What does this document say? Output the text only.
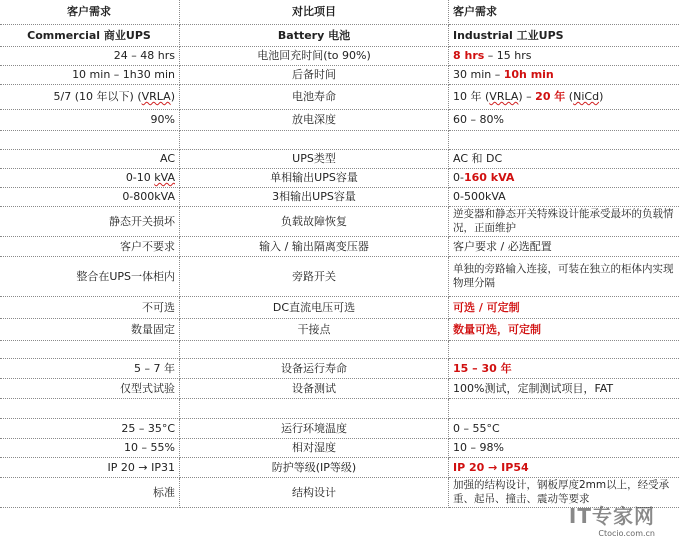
客户需求	对比项目	客户需求
Commercial 商业UPS	Battery 电池	Industrial 工业UPS
24 – 48 hrs	电池回充时间(to 90%)	8 hrs – 15 hrs
10 min – 1h30 min	后备时间	30 min – 10h min
5/7 (10 年以下) (VRLA)	电池寿命	10 年 (VRLA) – 20 年 (NiCd)
90%	放电深度	60 – 80%

AC	UPS类型	AC 和 DC
0-10 kVA	单相输出UPS容量	0-160 kVA
0-800kVA	3相输出UPS容量	0-500kVA
静态开关损坏	负载故障恢复	逆变器和静态开关特殊设计能承受最坏的负载情况，正面维护
客户不要求	输入 / 输出隔离变压器	客户要求 / 必选配置
整合在UPS一体柜内	旁路开关	单独的旁路输入连接，可装在独立的柜体内实现物理分隔
不可选	DC直流电压可选	可选 / 可定制
数量固定	干接点	数量可选，可定制

5 – 7 年	设备运行寿命	15 – 30 年
仅型式试验	设备测试	100%测试，定制测试项目，FAT

25 – 35°C	运行环境温度	0 – 55°C
10 – 55%	相对湿度	10 – 98%
IP 20 → IP31	防护等级(IP等级)	IP 20 → IP54
标准	结构设计	加强的结构设计，钢板厚度2mm以上，经受承重、起吊、撞击、震动等要求
IT专家网
Ctocio.com.cn
